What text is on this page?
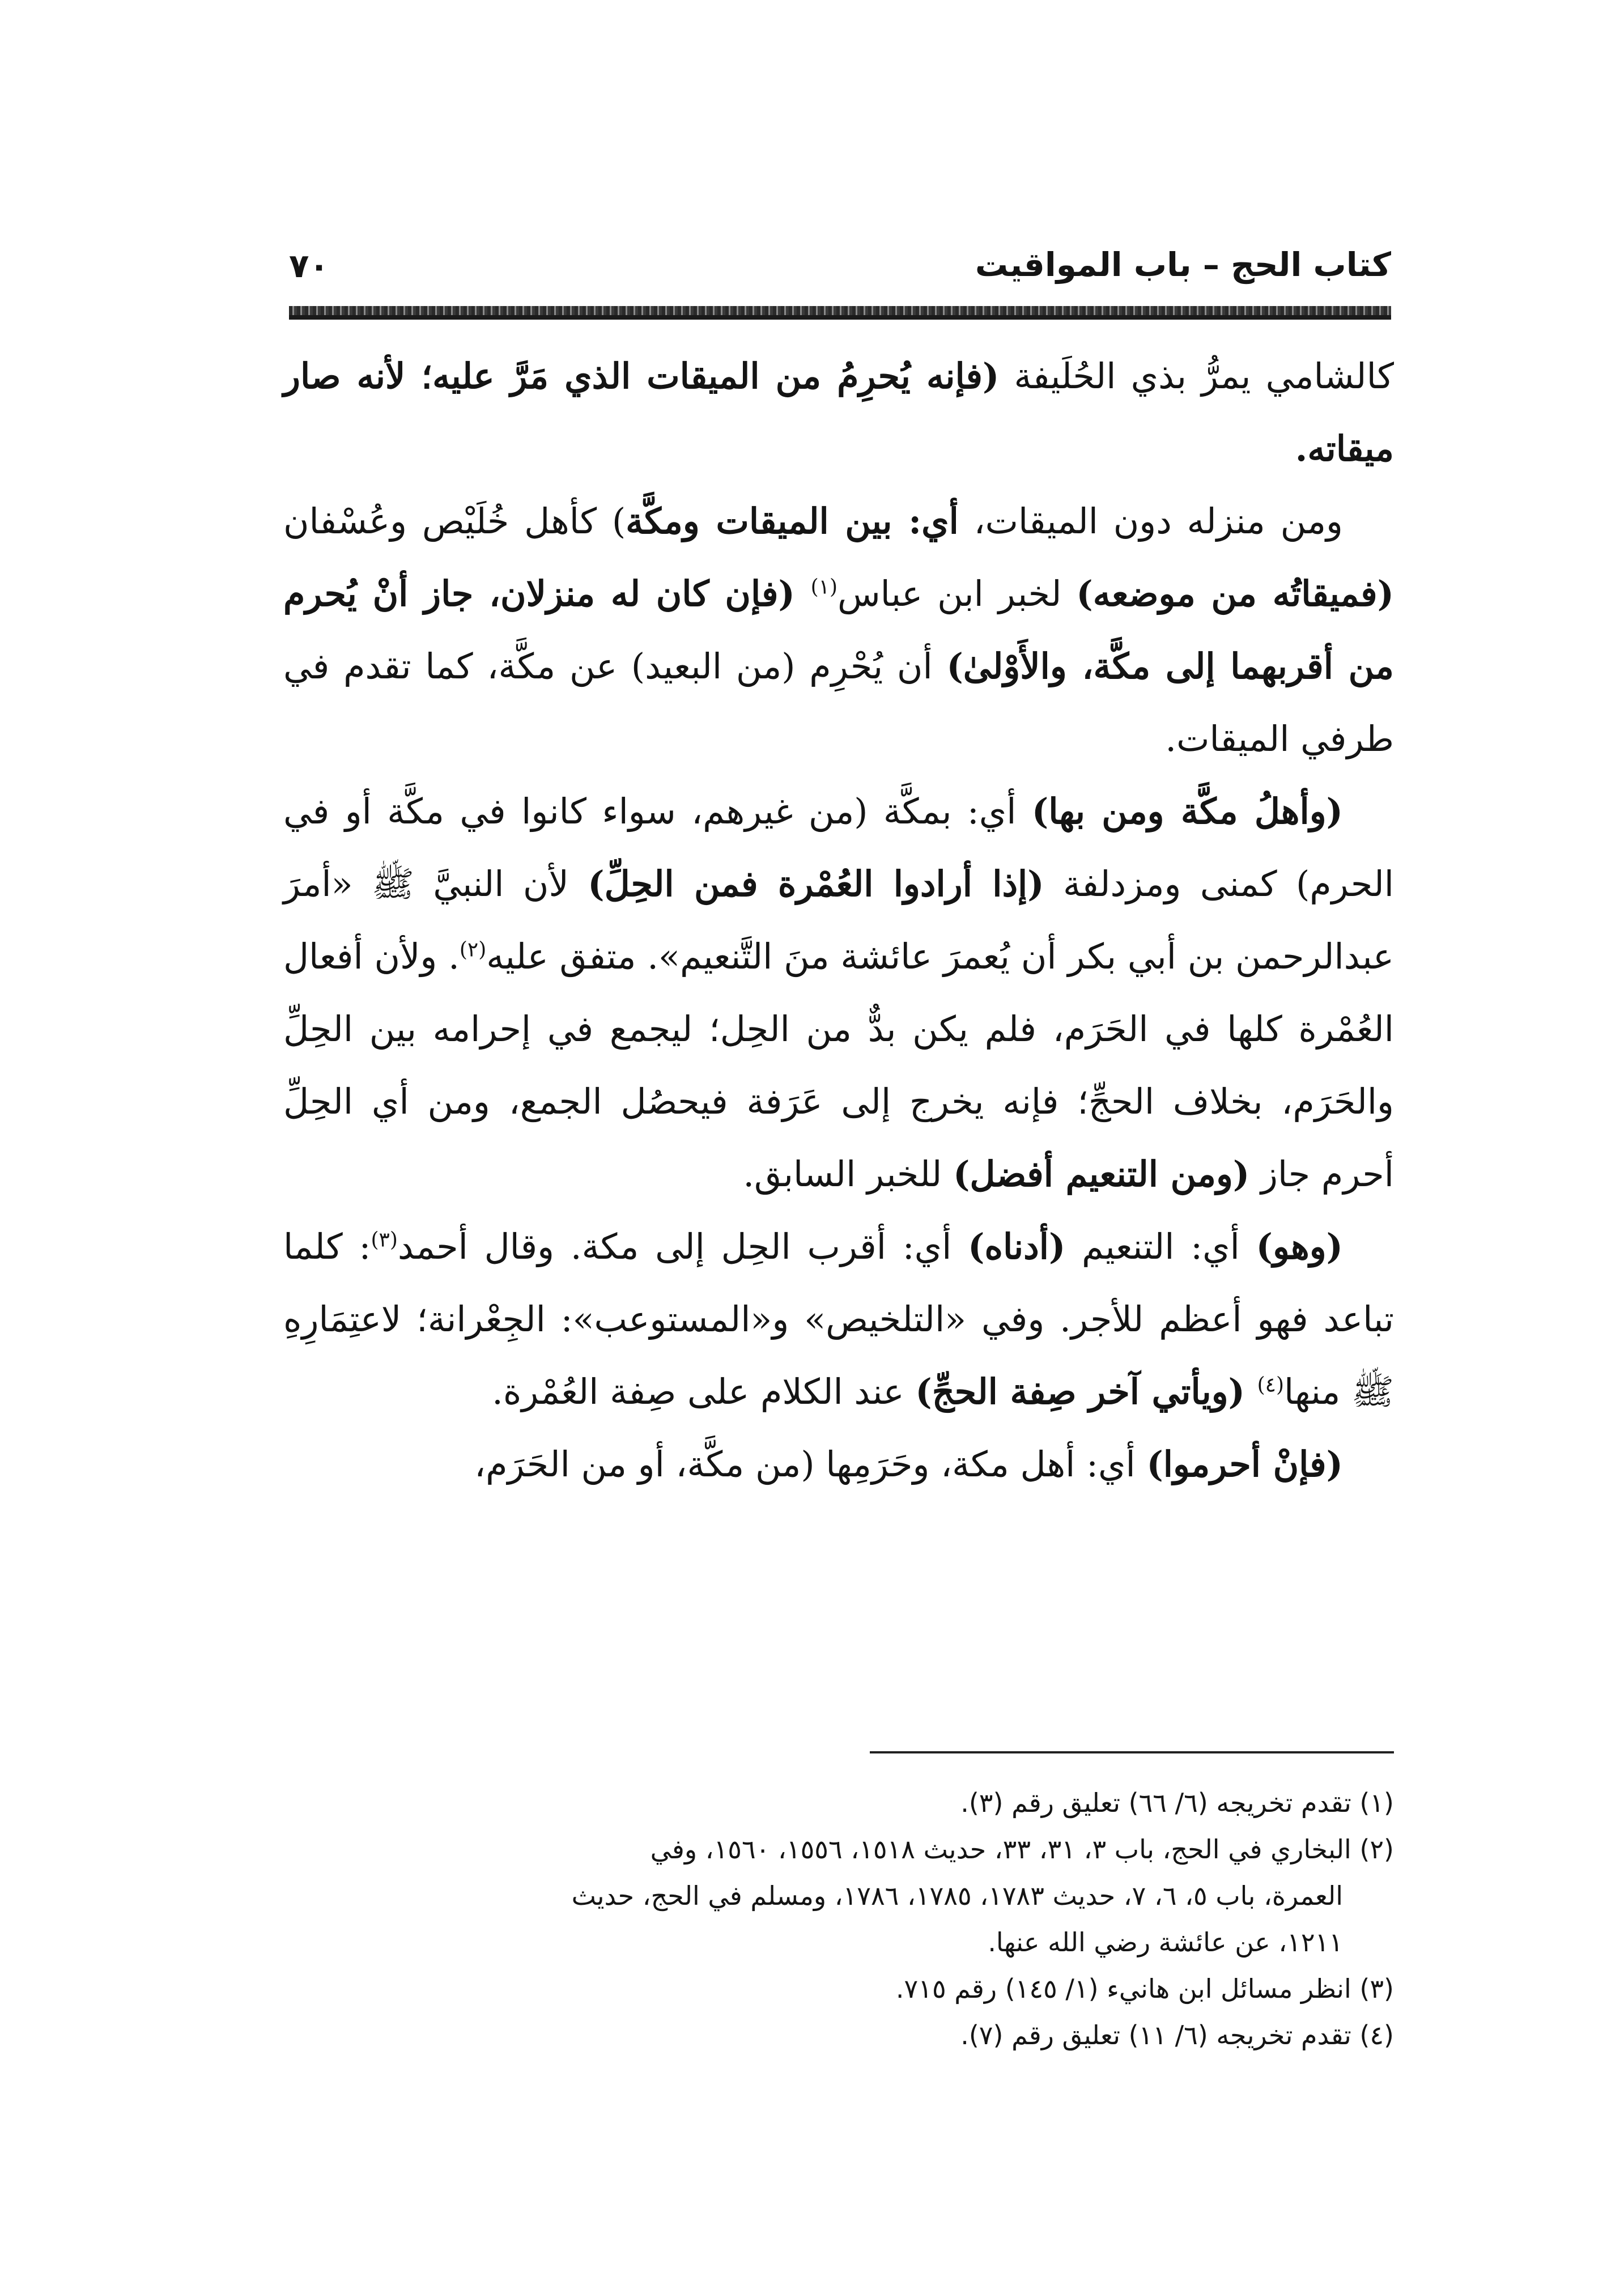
كتاب الحج – باب المواقيت
٧٠

كالشامي يمرُّ بذي الحُلَيفة (فإنه يُحرِمُ من الميقات الذي مَرَّ عليه؛ لأنه صار ميقاته.

ومن منزله دون الميقات، أي: بين الميقات ومكَّة) كأهل خُلَيْص وعُسْفان (فميقاتُه من موضعه) لخبر ابن عباس$^{(١)}$ (فإن كان له منزلان، جاز أنْ يُحرم من أقربهما إلى مكَّة، والأَوْلىٰ) أن يُحْرِم (من البعيد) عن مكَّة، كما تقدم في طرفي الميقات.

(وأهلُ مكَّة ومن بها) أي: بمكَّة (من غيرهم، سواء كانوا في مكَّة أو في الحرم) كمنى ومزدلفة (إذا أرادوا العُمْرة فمن الحِلِّ) لأن النبيَّ ﷺ «أمرَ عبدالرحمن بن أبي بكر أن يُعمرَ عائشة منَ التَّنعيم». متفق عليه$^{(٢)}$. ولأن أفعال العُمْرة كلها في الحَرَم، فلم يكن بدٌّ من الحِل؛ ليجمع في إحرامه بين الحِلِّ والحَرَم، بخلاف الحجِّ؛ فإنه يخرج إلى عَرَفة فيحصُل الجمع، ومن أي الحِلِّ أحرم جاز (ومن التنعيم أفضل) للخبر السابق.

(وهو) أي: التنعيم (أدناه) أي: أقرب الحِل إلى مكة. وقال أحمد$^{(٣)}$: كلما تباعد فهو أعظم للأجر. وفي «التلخيص» و«المستوعب»: الجِعْرانة؛ لاعتِمَارِهِ ﷺ منها$^{(٤)}$ (ويأتي آخر صِفة الحجِّ) عند الكلام على صِفة العُمْرة.

(فإنْ أحرموا) أي: أهل مكة، وحَرَمِها (من مكَّة، أو من الحَرَم،

(١) تقدم تخريجه (٦/ ٦٦) تعليق رقم (٣).

(٢) البخاري في الحج، باب ٣، ٣١، ٣٣، حديث ١٥١٨، ١٥٥٦، ١٥٦٠، وفي

العمرة، باب ٥، ٦، ٧، حديث ١٧٨٣، ١٧٨٥، ١٧٨٦، ومسلم في الحج، حديث

١٢١١، عن عائشة رضي الله عنها.

(٣) انظر مسائل ابن هانيء (١/ ١٤٥) رقم ٧١٥.

(٤) تقدم تخريجه (٦/ ١١) تعليق رقم (٧).
